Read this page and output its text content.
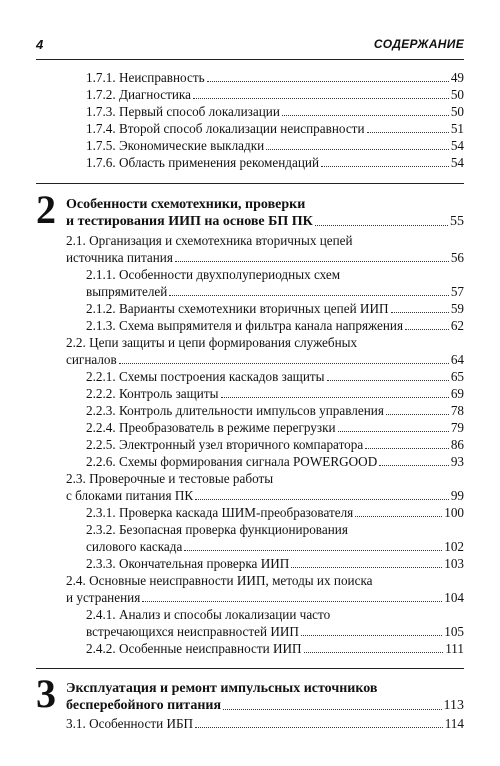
4	СОДЕРЖАНИЕ
1.7.1. Неисправность	49
1.7.2. Диагностика	50
1.7.3. Первый способ локализации	50
1.7.4. Второй способ локализации неисправности	51
1.7.5. Экономические выкладки	54
1.7.6. Область применения рекомендаций	54
2 Особенности схемотехники, проверки
и тестирования ИИП на основе БП ПК	55
2.1. Организация и схемотехника вторичных цепей
источника питания	56
2.1.1. Особенности двухполупериодных схем
выпрямителей	57
2.1.2. Варианты схемотехники вторичных цепей ИИП	59
2.1.3. Схема выпрямителя и фильтра канала напряжения	62
2.2. Цепи защиты и цепи формирования служебных
сигналов	64
2.2.1. Схемы построения каскадов защиты	65
2.2.2. Контроль защиты	69
2.2.3. Контроль длительности импульсов управления	78
2.2.4. Преобразователь в режиме перегрузки	79
2.2.5. Электронный узел вторичного компаратора	86
2.2.6. Схемы формирования сигнала POWERGOOD	93
2.3. Проверочные и тестовые работы
с блоками питания ПК	99
2.3.1. Проверка каскада ШИМ-преобразователя	100
2.3.2. Безопасная проверка функционирования
силового каскада	102
2.3.3. Окончательная проверка ИИП	103
2.4. Основные неисправности ИИП, методы их поиска
и устранения	104
2.4.1. Анализ и способы локализации часто
встречающихся неисправностей ИИП	105
2.4.2. Особенные неисправности ИИП	111
3 Эксплуатация и ремонт импульсных источников
бесперебойного питания	113
3.1. Особенности ИБП	114
